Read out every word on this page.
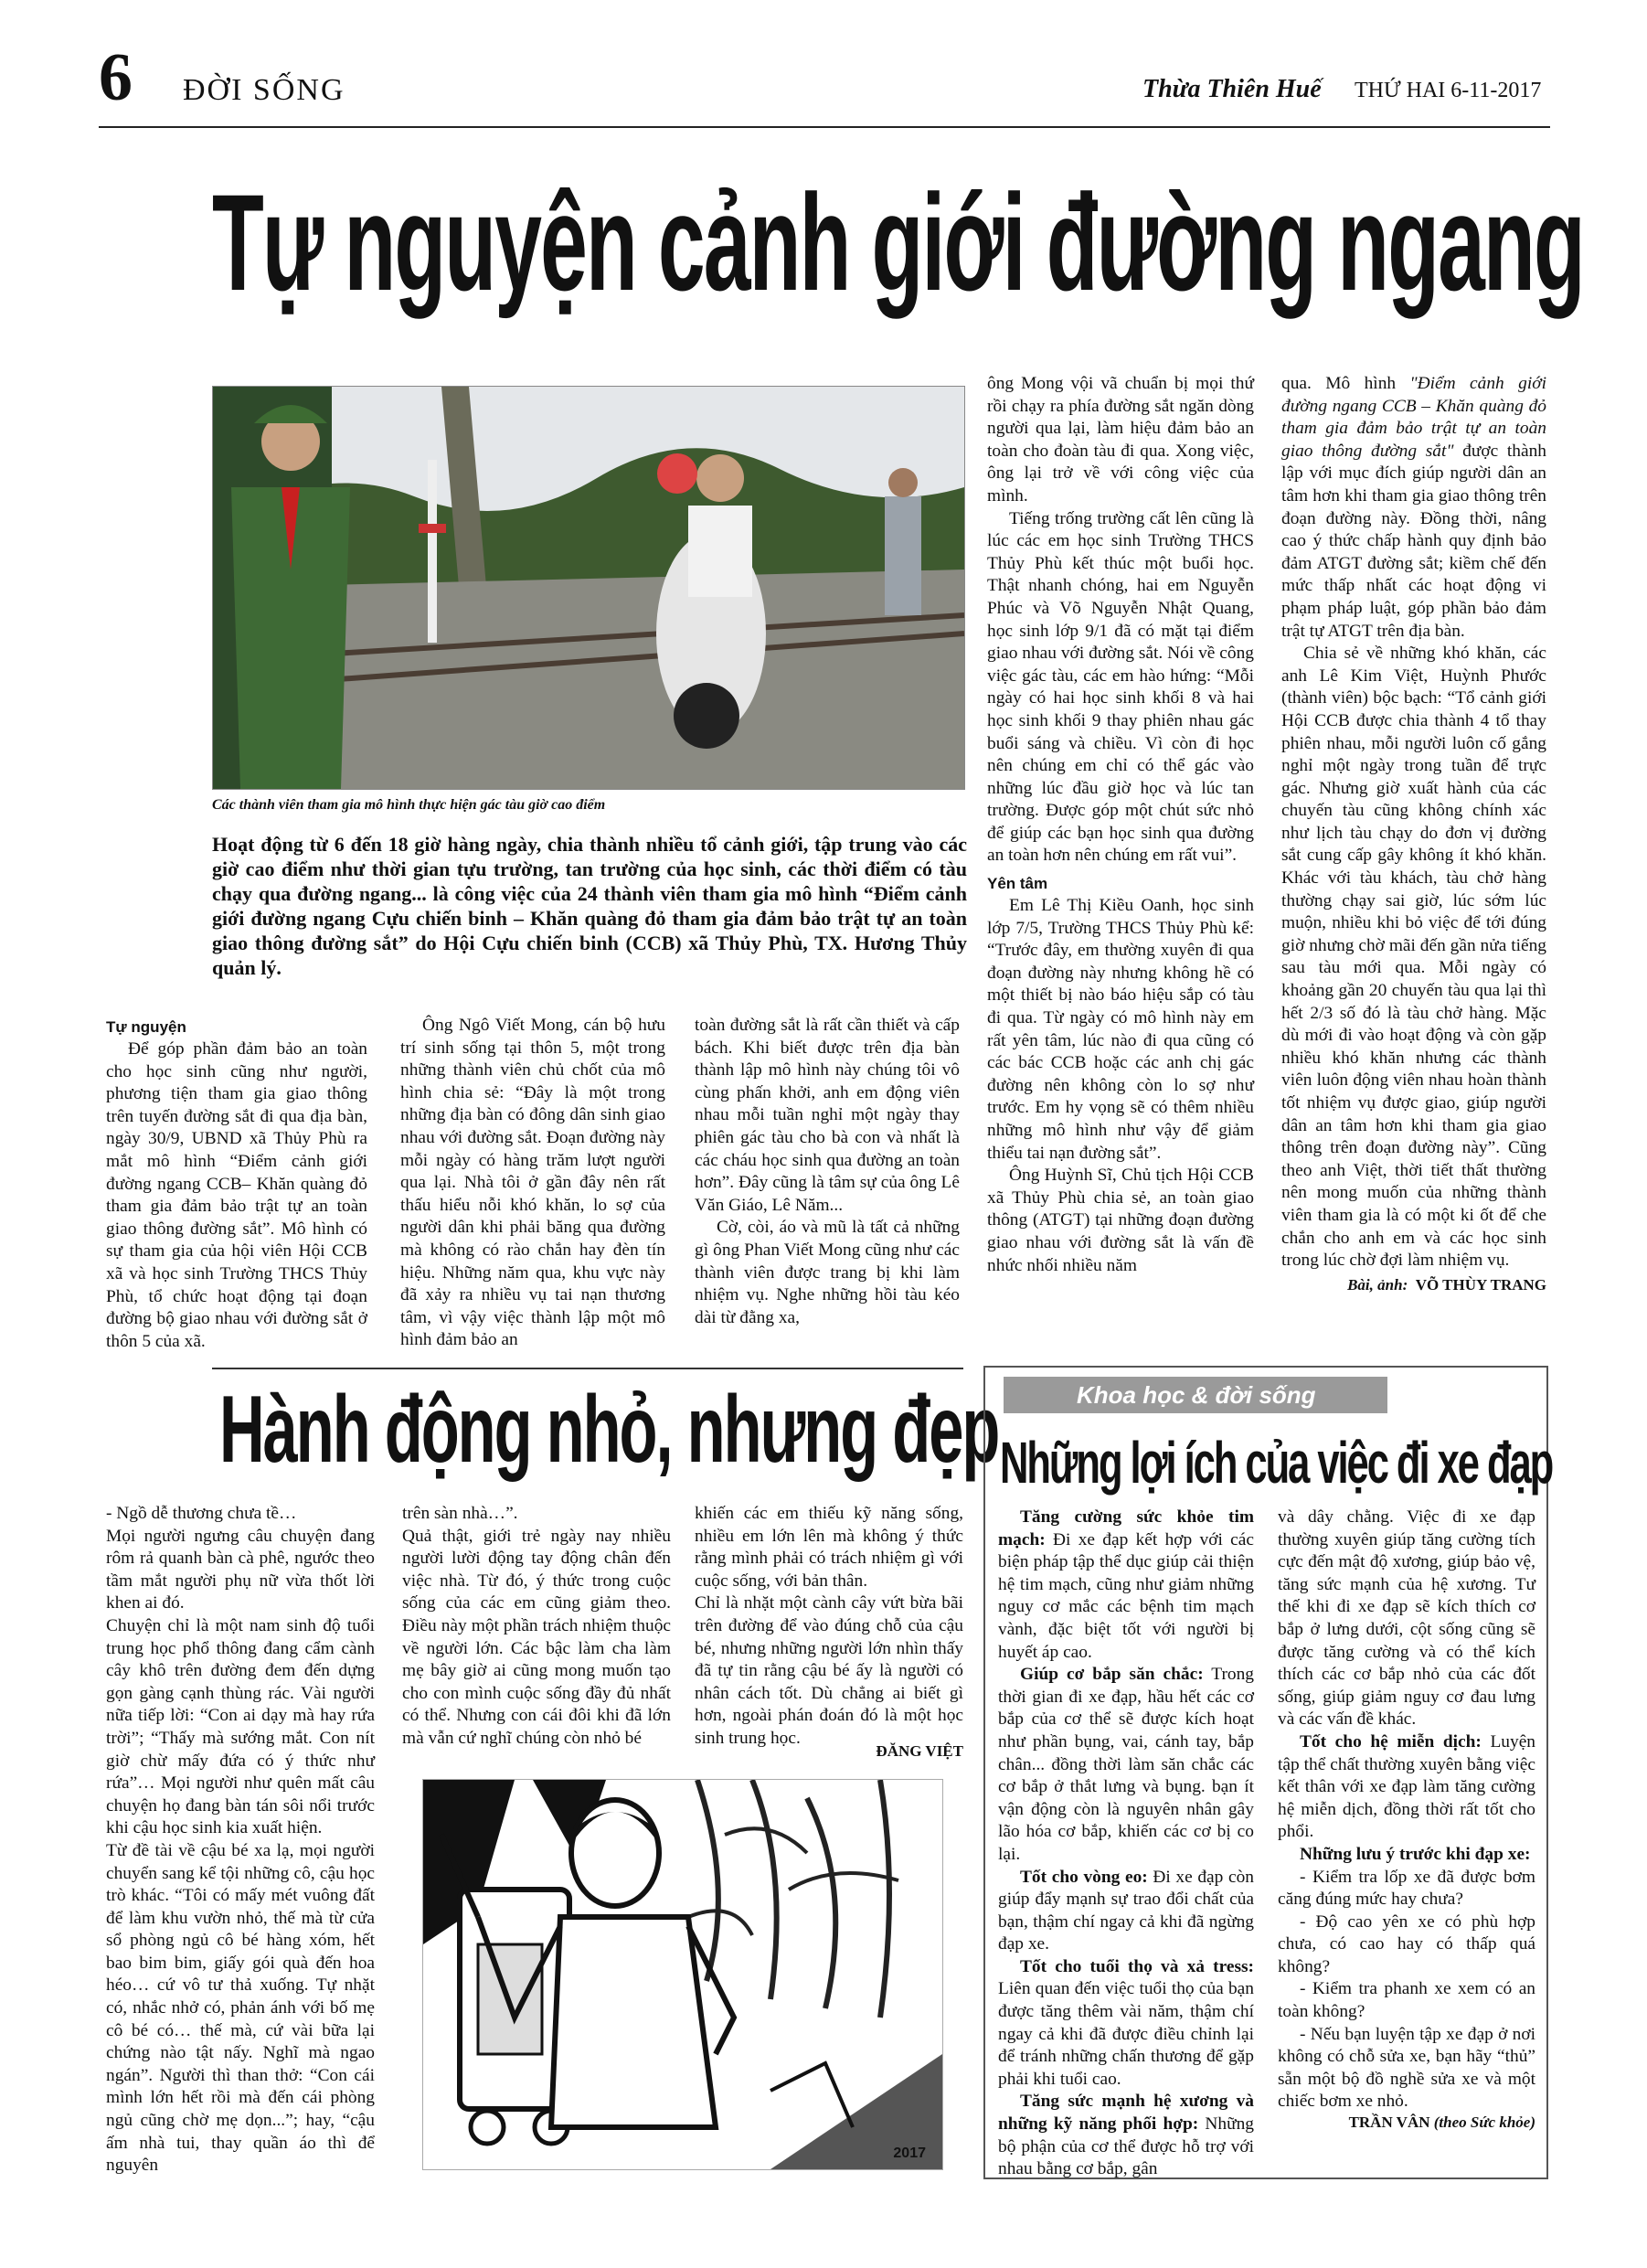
6 ĐỜI SỐNG	Thừa Thiên Huế THỨ HAI 6-11-2017
Tự nguyện cảnh giới đường ngang
Các thành viên tham gia mô hình thực hiện gác tàu giờ cao điểm
Hoạt động từ 6 đến 18 giờ hàng ngày, chia thành nhiều tổ cảnh giới, tập trung vào các giờ cao điểm như thời gian tựu trường, tan trường của học sinh, các thời điểm có tàu chạy qua đường ngang... là công việc của 24 thành viên tham gia mô hình “Điểm cảnh giới đường ngang Cựu chiến binh – Khăn quàng đỏ tham gia đảm bảo trật tự an toàn giao thông đường sắt” do Hội Cựu chiến binh (CCB) xã Thủy Phù, TX. Hương Thủy quản lý.
Tự nguyện

Để góp phần đảm bảo an toàn cho học sinh cũng như người, phương tiện tham gia giao thông trên tuyến đường sắt đi qua địa bàn, ngày 30/9, UBND xã Thủy Phù ra mắt mô hình “Điểm cảnh giới đường ngang CCB– Khăn quàng đỏ tham gia đảm bảo trật tự an toàn giao thông đường sắt”. Mô hình có sự tham gia của hội viên Hội CCB xã và học sinh Trường THCS Thủy Phù, tổ chức hoạt động tại đoạn đường bộ giao nhau với đường sắt ở thôn 5 của xã.

Ông Ngô Viết Mong, cán bộ hưu trí sinh sống tại thôn 5, một trong những thành viên chủ chốt của mô hình chia sẻ: “Đây là một trong những địa bàn có đông dân sinh giao nhau với đường sắt. Đoạn đường này mỗi ngày có hàng trăm lượt người qua lại. Nhà tôi ở gần đây nên rất thấu hiểu nỗi khó khăn, lo sợ của người dân khi phải băng qua đường mà không có rào chắn hay đèn tín hiệu. Những năm qua, khu vực này đã xảy ra nhiều vụ tai nạn thương tâm, vì vậy việc thành lập một mô hình đảm bảo an

toàn đường sắt là rất cần thiết và cấp bách. Khi biết được trên địa bàn thành lập mô hình này chúng tôi vô cùng phấn khởi, anh em động viên nhau mỗi tuần nghỉ một ngày thay phiên gác tàu cho bà con và nhất là các cháu học sinh qua đường an toàn hơn”. Đây cũng là tâm sự của ông Lê Văn Giáo, Lê Năm...

Cờ, còi, áo và mũ là tất cả những gì ông Phan Viết Mong cũng như các thành viên được trang bị khi làm nhiệm vụ. Nghe những hồi tàu kéo dài từ đằng xa,

ông Mong vội vã chuẩn bị mọi thứ rồi chạy ra phía đường sắt ngăn dòng người qua lại, làm hiệu đảm bảo an toàn cho đoàn tàu đi qua. Xong việc, ông lại trở về với công việc của mình.

Tiếng trống trường cất lên cũng là lúc các em học sinh Trường THCS Thủy Phù kết thúc một buổi học. Thật nhanh chóng, hai em Nguyễn Phúc và Võ Nguyễn Nhật Quang, học sinh lớp 9/1 đã có mặt tại điểm giao nhau với đường sắt. Nói về công việc gác tàu, các em hào hứng: “Mỗi ngày có hai học sinh khối 8 và hai học sinh khối 9 thay phiên nhau gác buổi sáng và chiều. Vì còn đi học nên chúng em chỉ có thể gác vào những lúc đầu giờ học và lúc tan trường. Được góp một chút sức nhỏ để giúp các bạn học sinh qua đường an toàn hơn nên chúng em rất vui”.

Yên tâm

Em Lê Thị Kiều Oanh, học sinh lớp 7/5, Trường THCS Thủy Phù kể: “Trước đây, em thường xuyên đi qua đoạn đường này nhưng không hề có một thiết bị nào báo hiệu sắp có tàu đi qua. Từ ngày có mô hình này em rất yên tâm, lúc nào đi qua cũng có các bác CCB hoặc các anh chị gác đường nên không còn lo sợ như trước. Em hy vọng sẽ có thêm nhiều những mô hình như vậy để giảm thiểu tai nạn đường sắt”.

Ông Huỳnh Sĩ, Chủ tịch Hội CCB xã Thủy Phù chia sẻ, an toàn giao thông (ATGT) tại những đoạn đường giao nhau với đường sắt là vấn đề nhức nhối nhiều năm

qua. Mô hình "Điểm cảnh giới đường ngang CCB – Khăn quàng đỏ tham gia đảm bảo trật tự an toàn giao thông đường sắt" được thành lập với mục đích giúp người dân an tâm hơn khi tham gia giao thông trên đoạn đường này. Đồng thời, nâng cao ý thức chấp hành quy định bảo đảm ATGT đường sắt; kiềm chế đến mức thấp nhất các hoạt động vi phạm pháp luật, góp phần bảo đảm trật tự ATGT trên địa bàn.

Chia sẻ về những khó khăn, các anh Lê Kim Việt, Huỳnh Phước (thành viên) bộc bạch: “Tổ cảnh giới Hội CCB được chia thành 4 tổ thay phiên nhau, mỗi người luôn cố gắng nghỉ một ngày trong tuần để trực gác. Nhưng giờ xuất hành của các chuyến tàu cũng không chính xác như lịch tàu chạy do đơn vị đường sắt cung cấp gây không ít khó khăn. Khác với tàu khách, tàu chở hàng thường chạy sai giờ, lúc sớm lúc muộn, nhiều khi bỏ việc để tới đúng giờ nhưng chờ mãi đến gần nửa tiếng sau tàu mới qua. Mỗi ngày có khoảng gần 20 chuyến tàu qua lại thì hết 2/3 số đó là tàu chở hàng. Mặc dù mới đi vào hoạt động và còn gặp nhiều khó khăn nhưng các thành viên luôn động viên nhau hoàn thành tốt nhiệm vụ được giao, giúp người dân an tâm hơn khi tham gia giao thông trên đoạn đường này”. Cũng theo anh Việt, thời tiết thất thường nên mong muốn của những thành viên tham gia là có một ki ốt để che chắn cho anh em và các học sinh trong lúc chờ đợi làm nhiệm vụ.

Bài, ảnh: VÕ THÙY TRANG
Hành động nhỏ, nhưng đẹp
- Ngồ dễ thương chưa tề…
Mọi người ngưng câu chuyện đang rôm rả quanh bàn cà phê, ngước theo tầm mắt người phụ nữ vừa thốt lời khen ai đó.
Chuyện chỉ là một nam sinh độ tuổi trung học phổ thông đang cẩm cành cây khô trên đường đem đến dựng gọn gàng cạnh thùng rác. Vài người nữa tiếp lời: “Con ai dạy mà hay rứa trời”; “Thấy mà sướng mắt. Con nít giờ chừ mấy đứa có ý thức như rứa”… Mọi người như quên mất câu chuyện họ đang bàn tán sôi nổi trước khi cậu học sinh kia xuất hiện.
Từ đề tài về cậu bé xa lạ, mọi người chuyển sang kể tội những cô, cậu học trò khác. “Tôi có mấy mét vuông đất để làm khu vườn nhỏ, thế mà từ cửa sổ phòng ngủ cô bé hàng xóm, hết bao bim bim, giấy gói quà đến hoa héo… cứ vô tư thả xuống. Tự nhặt có, nhắc nhở có, phản ánh với bố mẹ cô bé có… thế mà, cứ vài bữa lại chứng nào tật nấy. Nghĩ mà ngao ngán”. Người thì than thở: “Con cái mình lớn hết rồi mà đến cái phòng ngủ cũng chờ mẹ dọn...”; hay, “cậu ấm nhà tui, thay quần áo thì để nguyên
trên sàn nhà…”.
Quả thật, giới trẻ ngày nay nhiều người lười động tay động chân đến việc nhà. Từ đó, ý thức trong cuộc sống của các em cũng giảm theo. Điều này một phần trách nhiệm thuộc về người lớn. Các bậc làm cha làm mẹ bây giờ ai cũng mong muốn tạo cho con mình cuộc sống đầy đủ nhất có thể. Nhưng con cái đôi khi đã lớn mà vẫn cứ nghĩ chúng còn nhỏ bé
khiến các em thiếu kỹ năng sống, nhiều em lớn lên mà không ý thức rằng mình phải có trách nhiệm gì với cuộc sống, với bản thân.
Chỉ là nhặt một cành cây vứt bừa bãi trên đường để vào đúng chỗ của cậu bé, nhưng những người lớn nhìn thấy đã tự tin rằng cậu bé ấy là người có nhân cách tốt. Dù chẳng ai biết gì hơn, ngoài phán đoán đó là một học sinh trung học.
ĐĂNG VIỆT
2017
Khoa học & đời sống
Những lợi ích của việc đi xe đạp

Tăng cường sức khỏe tim mạch: Đi xe đạp kết hợp với các biện pháp tập thể dục giúp cải thiện hệ tim mạch, cũng như giảm những nguy cơ mắc các bệnh tim mạch vành, đặc biệt tốt với người bị huyết áp cao.

Giúp cơ bắp săn chắc: Trong thời gian đi xe đạp, hầu hết các cơ bắp của cơ thể sẽ được kích hoạt như phần bụng, vai, cánh tay, bắp chân... đồng thời làm săn chắc các cơ bắp ở thắt lưng và bụng. bạn ít vận động còn là nguyên nhân gây lão hóa cơ bắp, khiến các cơ bị co lại.

Tốt cho vòng eo: Đi xe đạp còn giúp đẩy mạnh sự trao đổi chất của bạn, thậm chí ngay cả khi đã ngừng đạp xe.

Tốt cho tuổi thọ và xả tress: Liên quan đến việc tuổi thọ của bạn được tăng thêm vài năm, thậm chí ngay cả khi đã được điều chỉnh lại để tránh những chấn thương để gặp phải khi tuổi cao.

Tăng sức mạnh hệ xương và những kỹ năng phối hợp: Những bộ phận của cơ thể được hỗ trợ với nhau bằng cơ bắp, gân

và dây chằng. Việc đi xe đạp thường xuyên giúp tăng cường tích cực đến mật độ xương, giúp bảo vệ, tăng sức mạnh của hệ xương. Tư thế khi đi xe đạp sẽ kích thích cơ bắp ở lưng dưới, cột sống cũng sẽ được tăng cường và có thể kích thích các cơ bắp nhỏ của các đốt sống, giúp giảm nguy cơ đau lưng và các vấn đề khác.

Tốt cho hệ miễn dịch: Luyện tập thể chất thường xuyên bằng việc kết thân với xe đạp làm tăng cường hệ miễn dịch, đồng thời rất tốt cho phổi.

Những lưu ý trước khi đạp xe:

- Kiểm tra lốp xe đã được bơm căng đúng mức hay chưa?

- Độ cao yên xe có phù hợp chưa, có cao hay có thấp quá không?

- Kiểm tra phanh xe xem có an toàn không?

- Nếu bạn luyện tập xe đạp ở nơi không có chỗ sửa xe, bạn hãy “thủ” sẵn một bộ đồ nghề sửa xe và một chiếc bơm xe nhỏ.

TRẦN VÂN (theo Sức khỏe)
